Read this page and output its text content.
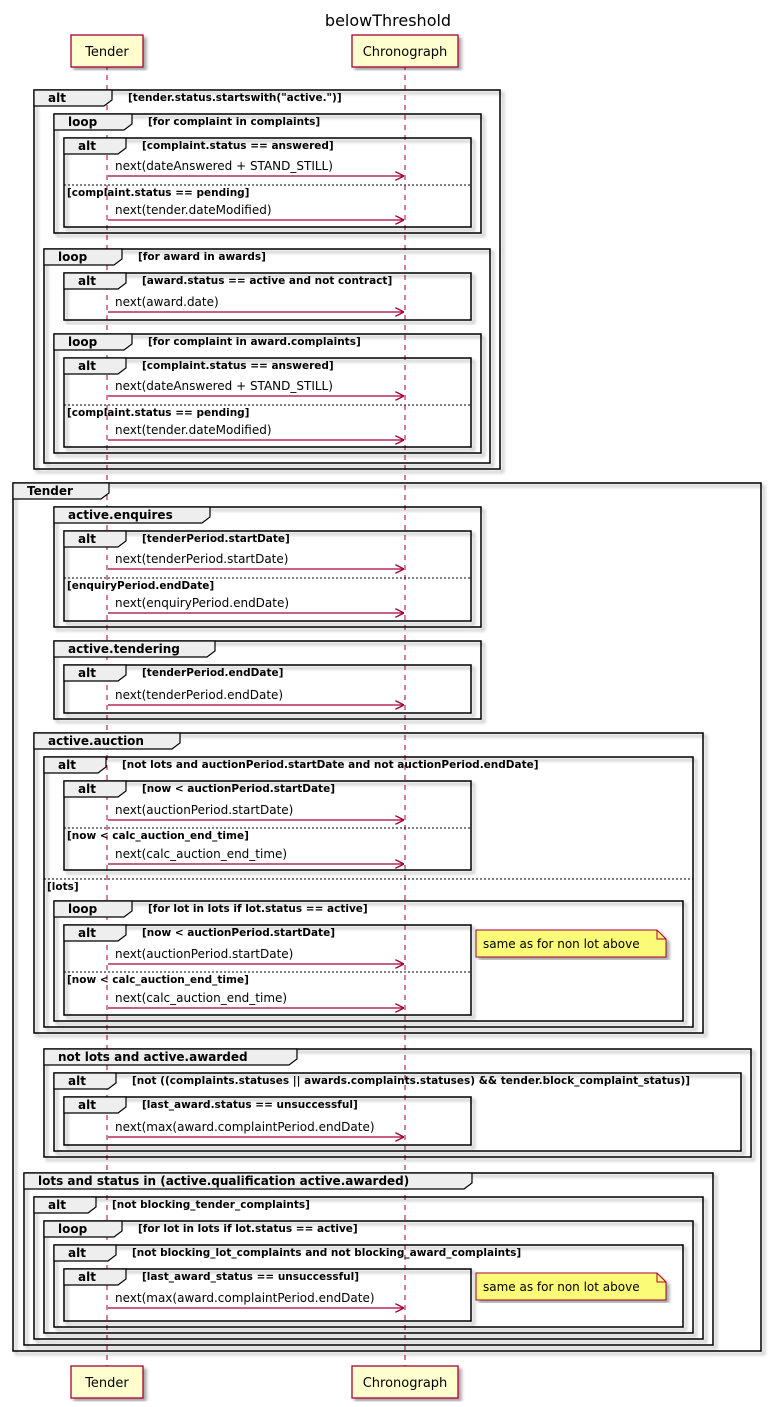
belowThreshold
Tender	Chronograph
Tender	Chronograph
alt	[tender.status.startswith("active.")]
Tender
loop	[for complaint in complaints]
alt	[complaint.status == answered]
[complaint.status == pending]
loop	[for award in awards]
alt	[award.status == active and not contract]
loop	[for complaint in award.complaints]
alt	[complaint.status == answered]
[complaint.status == pending]
active.enquires
alt	[tenderPeriod.startDate]
[enquiryPeriod.endDate]
active.tendering
alt	[tenderPeriod.endDate]
active.auction
alt	[not lots and auctionPeriod.startDate and not auctionPeriod.endDate]
[lots]
alt	[now < auctionPeriod.startDate]
[now < calc_auction_end_time]
loop	[for lot in lots if lot.status == active]
alt	[now < auctionPeriod.startDate]
[now < calc_auction_end_time]
not lots and active.awarded
alt	[not ((complaints.statuses || awards.complaints.statuses) && tender.block_complaint_status)]
alt	[last_award.status == unsuccessful]
lots and status in (active.qualification active.awarded)
alt	[not blocking_tender_complaints]
loop	[for lot in lots if lot.status == active]
alt	[not blocking_lot_complaints and not blocking_award_complaints]
alt	[last_award_status == unsuccessful]
next(dateAnswered + STAND_STILL)
next(tender.dateModified)
next(award.date)
next(dateAnswered + STAND_STILL)
next(tender.dateModified)
next(tenderPeriod.startDate)
next(enquiryPeriod.endDate)
next(tenderPeriod.endDate)
next(auctionPeriod.startDate)
next(calc_auction_end_time)
next(auctionPeriod.startDate)
next(calc_auction_end_time)
next(max(award.complaintPeriod.endDate)
next(max(award.complaintPeriod.endDate)
same as for non lot above
same as for non lot above
